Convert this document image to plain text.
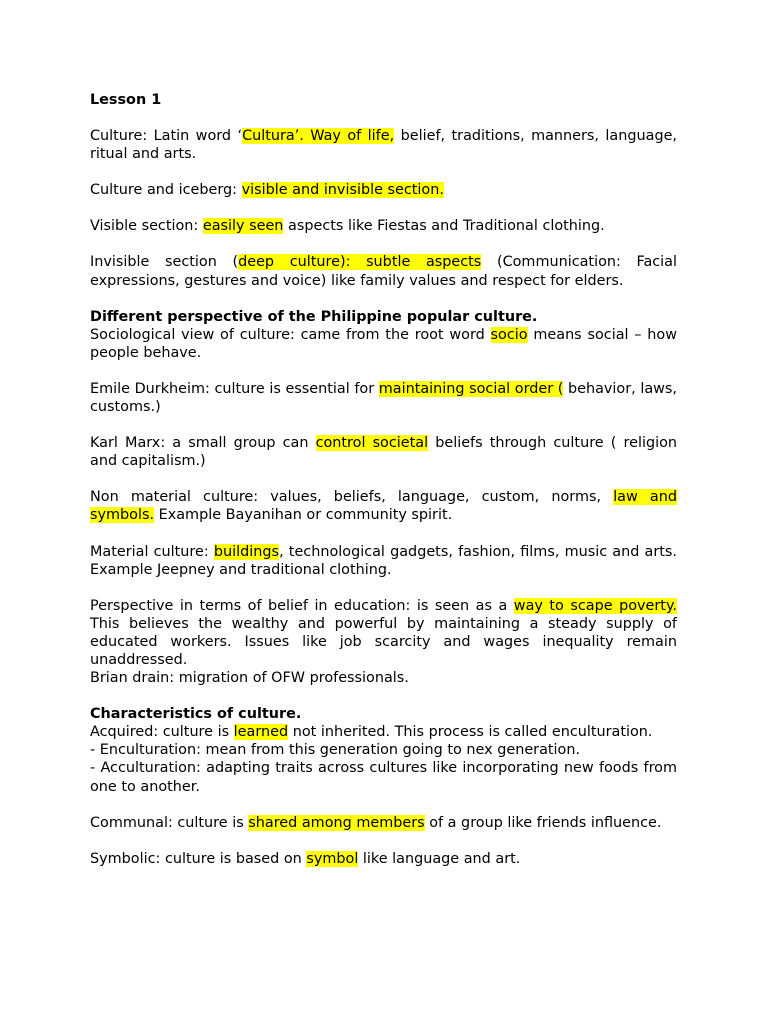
Lesson 1

Culture: Latin word ‘Cultura’. Way of life, belief, traditions, manners, language, ritual and arts.

Culture and iceberg: visible and invisible section.

Visible section: easily seen aspects like Fiestas and Traditional clothing.

Invisible section (deep culture): subtle aspects (Communication: Facial expressions, gestures and voice) like family values and respect for elders.

Different perspective of the Philippine popular culture.

Sociological view of culture: came from the root word socio means social – how people behave.

Emile Durkheim: culture is essential for maintaining social order ( behavior, laws, customs.)

Karl Marx: a small group can control societal beliefs through culture ( religion and capitalism.)

Non material culture: values, beliefs, language, custom, norms, law and symbols. Example Bayanihan or community spirit.

Material culture: buildings, technological gadgets, fashion, films, music and arts. Example Jeepney and traditional clothing.

Perspective in terms of belief in education: is seen as a way to scape poverty. This believes the wealthy and powerful by maintaining a steady supply of educated workers. Issues like job scarcity and wages inequality remain unaddressed.

Brian drain: migration of OFW professionals.

Characteristics of culture.

Acquired: culture is learned not inherited. This process is called enculturation.

- Enculturation: mean from this generation going to nex generation.

- Acculturation: adapting traits across cultures like incorporating new foods from one to another.

Communal: culture is shared among members of a group like friends influence.

Symbolic: culture is based on symbol like language and art.
